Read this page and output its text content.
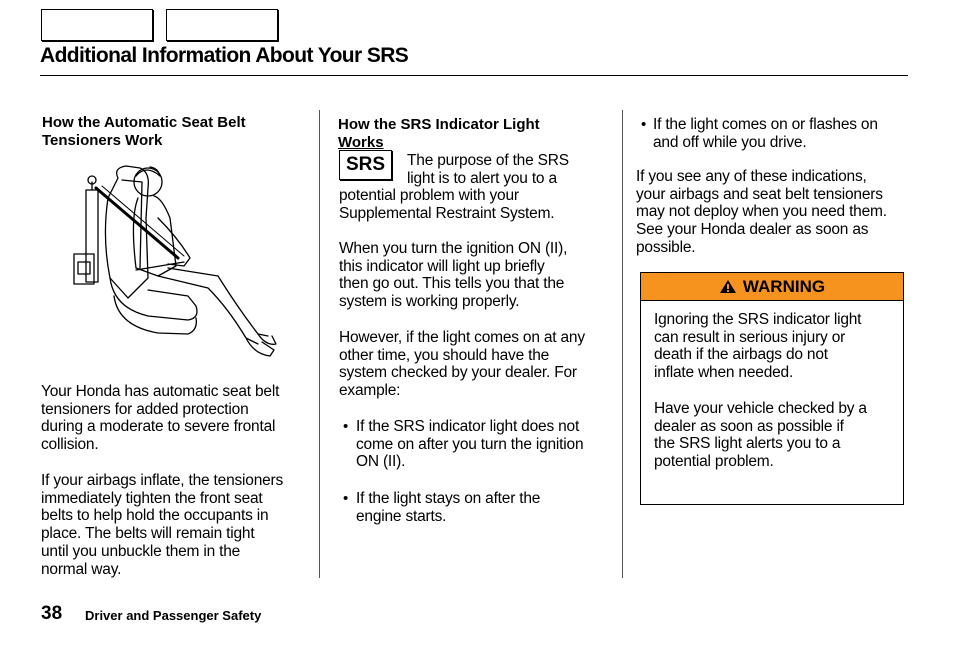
Additional Information About Your SRS
How the Automatic Seat Belt
Tensioners Work
Your Honda has automatic seat belt
tensioners for added protection
during a moderate to severe frontal
collision.
If your airbags inflate, the tensioners
immediately tighten the front seat
belts to help hold the occupants in
place. The belts will remain tight
until you unbuckle them in the
normal way.
How the SRS Indicator Light
Works
SRS	The purpose of the SRS
light is to alert you to a
potential problem with your
Supplemental Restraint System.
When you turn the ignition ON (II),
this indicator will light up briefly
then go out. This tells you that the
system is working properly.
However, if the light comes on at any
other time, you should have the
system checked by your dealer. For
example:
• If the SRS indicator light does not
come on after you turn the ignition
ON (II).
• If the light stays on after the
engine starts.
• If the light comes on or flashes on
and off while you drive.
If you see any of these indications,
your airbags and seat belt tensioners
may not deploy when you need them.
See your Honda dealer as soon as
possible.
WARNING
Ignoring the SRS indicator light
can result in serious injury or
death if the airbags do not
inflate when needed.
Have your vehicle checked by a
dealer as soon as possible if
the SRS light alerts you to a
potential problem.
38 Driver and Passenger Safety
